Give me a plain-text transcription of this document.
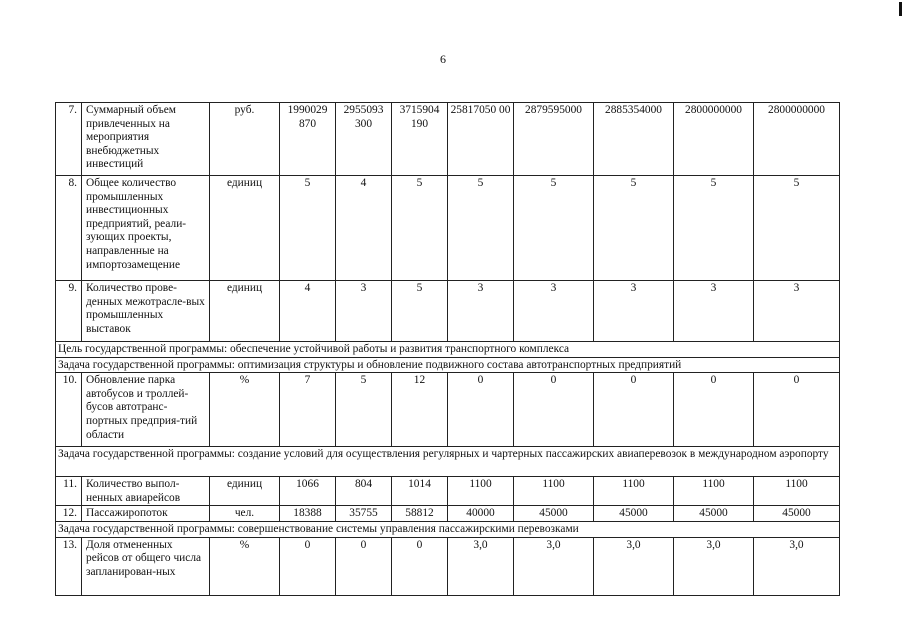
6
7.	Суммарный объем привлеченных на мероприятия внебюджетных инвестиций	руб.	1990029 870	2955093 300	3715904 190	25817050 00	2879595000	2885354000	2800000000	2800000000
8.	Общее количество промышленных инвестиционных предприятий, реали-зующих проекты, направленные на импортозамещение	единиц	5	4	5	5	5	5	5	5
9.	Количество прове-денных межотрасле-вых промышленных выставок	единиц	4	3	5	3	3	3	3	3
Цель государственной программы: обеспечение устойчивой работы и развития транспортного комплекса										
Задача государственной программы: оптимизация структуры и обновление подвижного состава автотранспортных предприятий										
10.	Обновление парка автобусов и троллей-бусов автотранс-портных предприя-тий области	%	7	5	12	0	0	0	0	0
Задача государственной программы: создание условий для осуществления регулярных и чартерных пассажирских авиаперевозок в международном аэропорту										
11.	Количество выпол-ненных авиарейсов	единиц	1066	804	1014	1100	1100	1100	1100	1100
12.	Пассажиропоток	чел.	18388	35755	58812	40000	45000	45000	45000	45000
Задача государственной программы: совершенствование системы управления пассажирскими перевозками										
13.	Доля отмененных рейсов от общего числа запланирован-ных	%	0	0	0	3,0	3,0	3,0	3,0	3,0
